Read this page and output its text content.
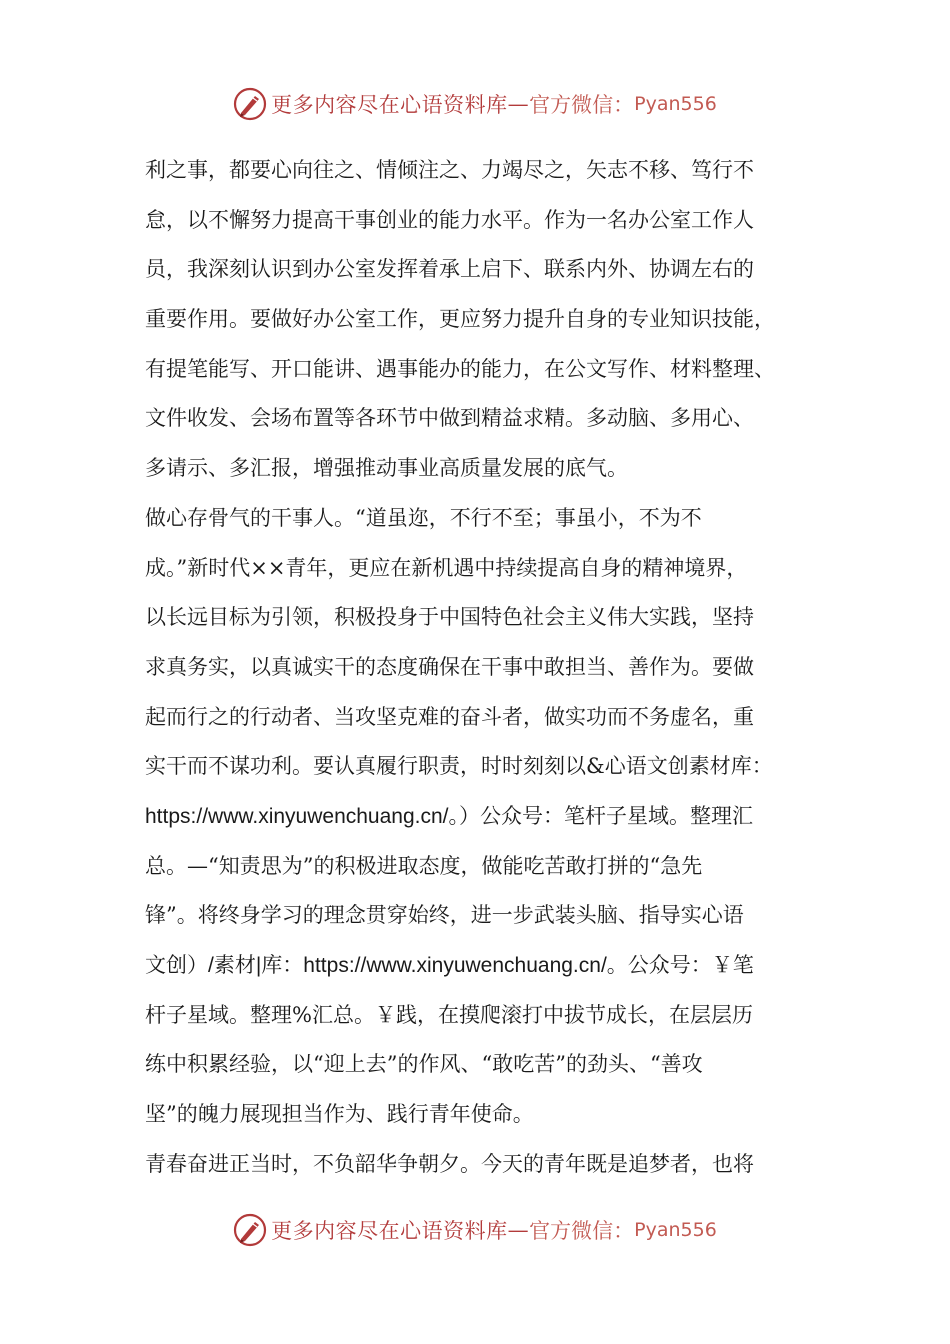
更多内容尽在心语资料库 — 官方微信： Pyan556
利之事，都要心向往之、情倾注之、力竭尽之，矢志不移、笃行不
怠，以不懈努力提高干事创业的能力水平。作为一名办公室工作人
员，我深刻认识到办公室发挥着承上启下、联系内外、协调左右的
重要作用。要做好办公室工作，更应努力提升自身的专业知识技能，
有提笔能写、开口能讲、遇事能办的能力，在公文写作、材料整理、
文件收发、会场布置等各环节中做到精益求精。多动脑、多用心、
多请示、多汇报，增强推动事业高质量发展的底气。
做心存骨气的干事人。“道虽迩，不行不至；事虽小，不为不
成。”新时代××青年，更应在新机遇中持续提高自身的精神境界，
以长远目标为引领，积极投身于中国特色社会主义伟大实践，坚持
求真务实，以真诚实干的态度确保在干事中敢担当、善作为。要做
起而行之的行动者、当攻坚克难的奋斗者，做实功而不务虚名，重
实干而不谋功利。要认真履行职责，时时刻刻以&心语文创素材库：
https://www.xinyuwenchuang.cn/。）公众号：笔杆子星域。整理汇
总。—“知责思为”的积极进取态度，做能吃苦敢打拼的“急先
锋”。将终身学习的理念贯穿始终，进一步武装头脑、指导实心语
文创）/素材|库：https://www.xinyuwenchuang.cn/。公众号：￥笔
杆子星域。整理%汇总。￥践，在摸爬滚打中拔节成长，在层层历
练中积累经验，以“迎上去”的作风、“敢吃苦”的劲头、“善攻
坚”的魄力展现担当作为、践行青年使命。
青春奋进正当时，不负韶华争朝夕。今天的青年既是追梦者，也将
更多内容尽在心语资料库 — 官方微信： Pyan556
